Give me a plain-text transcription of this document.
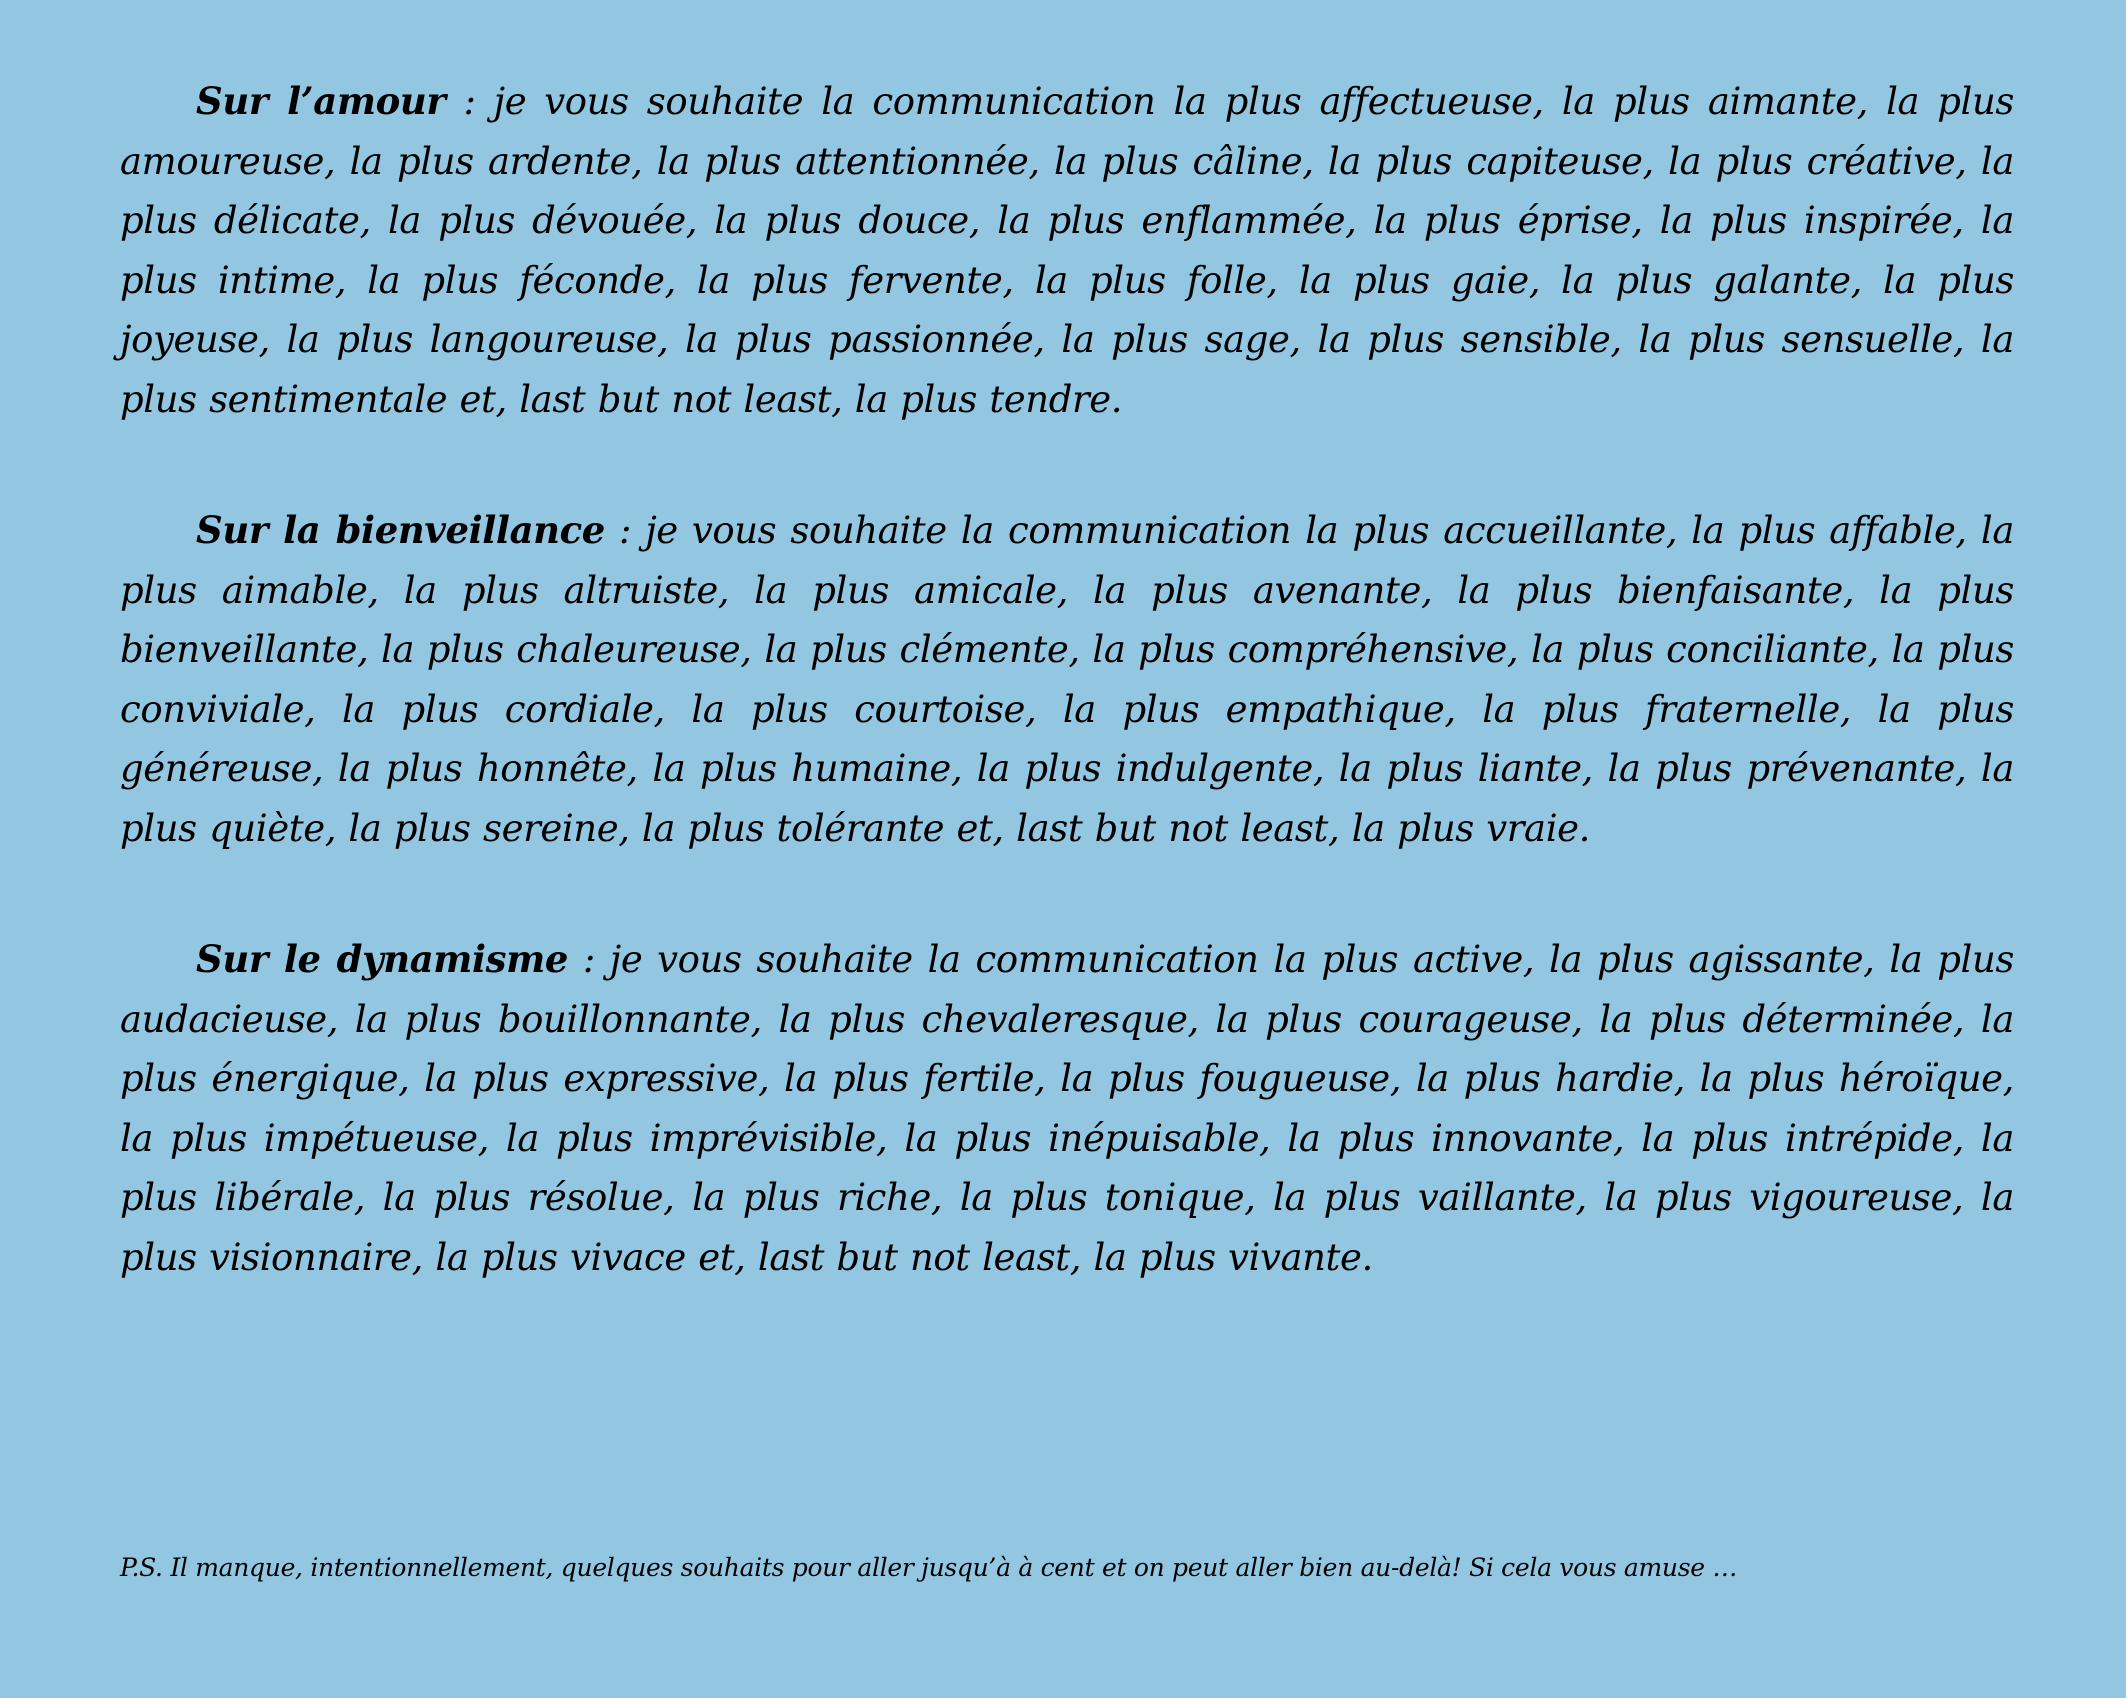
Sur l’amour : je vous souhaite la communication la plus affectueuse, la plus aimante, la plus amoureuse, la plus ardente, la plus attentionnée, la plus câline, la plus capiteuse, la plus créative, la plus délicate, la plus dévouée, la plus douce, la plus enflammée, la plus éprise, la plus inspirée, la plus intime, la plus féconde, la plus fervente, la plus folle, la plus gaie, la plus galante, la plus joyeuse, la plus langoureuse, la plus passionnée, la plus sage, la plus sensible, la plus sensuelle, la plus sentimentale et, last but not least, la plus tendre.

Sur la bienveillance : je vous souhaite la communication la plus accueillante, la plus affable, la plus aimable, la plus altruiste, la plus amicale, la plus avenante, la plus bienfaisante, la plus bienveillante, la plus chaleureuse, la plus clémente, la plus compréhensive, la plus conciliante, la plus conviviale, la plus cordiale, la plus courtoise, la plus empathique, la plus fraternelle, la plus généreuse, la plus honnête, la plus humaine, la plus indulgente, la plus liante, la plus prévenante, la plus quiète, la plus sereine, la plus tolérante et, last but not least, la plus vraie.

Sur le dynamisme : je vous souhaite la communication la plus active, la plus agissante, la plus audacieuse, la plus bouillonnante, la plus chevaleresque, la plus courageuse, la plus déterminée, la plus énergique, la plus expressive, la plus fertile, la plus fougueuse, la plus hardie, la plus héroïque, la plus impétueuse, la plus imprévisible, la plus inépuisable, la plus innovante, la plus intrépide, la plus libérale, la plus résolue, la plus riche, la plus tonique, la plus vaillante, la plus vigoureuse, la plus visionnaire, la plus vivace et, last but not least, la plus vivante.

P.S. Il manque, intentionnellement, quelques souhaits pour aller jusqu’à à cent et on peut aller bien au-delà! Si cela vous amuse …
